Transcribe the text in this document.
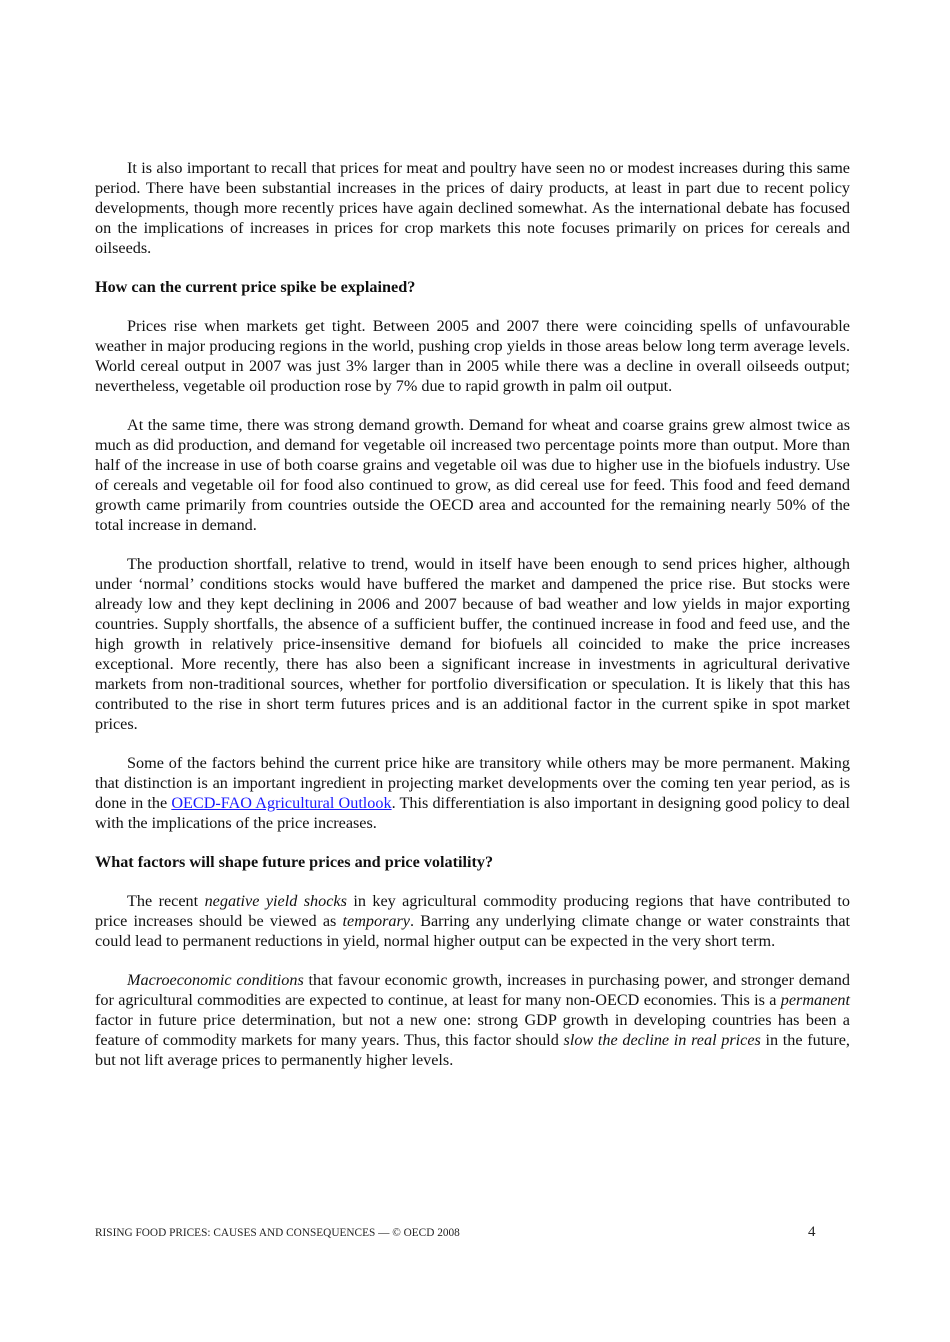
It is also important to recall that prices for meat and poultry have seen no or modest increases during this same period. There have been substantial increases in the prices of dairy products, at least in part due to recent policy developments, though more recently prices have again declined somewhat. As the international debate has focused on the implications of increases in prices for crop markets this note focuses primarily on prices for cereals and oilseeds.

How can the current price spike be explained?

Prices rise when markets get tight. Between 2005 and 2007 there were coinciding spells of unfavourable weather in major producing regions in the world, pushing crop yields in those areas below long term average levels. World cereal output in 2007 was just 3% larger than in 2005 while there was a decline in overall oilseeds output; nevertheless, vegetable oil production rose by 7% due to rapid growth in palm oil output.

At the same time, there was strong demand growth. Demand for wheat and coarse grains grew almost twice as much as did production, and demand for vegetable oil increased two percentage points more than output. More than half of the increase in use of both coarse grains and vegetable oil was due to higher use in the biofuels industry. Use of cereals and vegetable oil for food also continued to grow, as did cereal use for feed. This food and feed demand growth came primarily from countries outside the OECD area and accounted for the remaining nearly 50% of the total increase in demand.

The production shortfall, relative to trend, would in itself have been enough to send prices higher, although under ‘normal’ conditions stocks would have buffered the market and dampened the price rise. But stocks were already low and they kept declining in 2006 and 2007 because of bad weather and low yields in major exporting countries. Supply shortfalls, the absence of a sufficient buffer, the continued increase in food and feed use, and the high growth in relatively price-insensitive demand for biofuels all coincided to make the price increases exceptional. More recently, there has also been a significant increase in investments in agricultural derivative markets from non-traditional sources, whether for portfolio diversification or speculation. It is likely that this has contributed to the rise in short term futures prices and is an additional factor in the current spike in spot market prices.

Some of the factors behind the current price hike are transitory while others may be more permanent. Making that distinction is an important ingredient in projecting market developments over the coming ten year period, as is done in the OECD-FAO Agricultural Outlook. This differentiation is also important in designing good policy to deal with the implications of the price increases.

What factors will shape future prices and price volatility?

The recent negative yield shocks in key agricultural commodity producing regions that have contributed to price increases should be viewed as temporary. Barring any underlying climate change or water constraints that could lead to permanent reductions in yield, normal higher output can be expected in the very short term.

Macroeconomic conditions that favour economic growth, increases in purchasing power, and stronger demand for agricultural commodities are expected to continue, at least for many non-OECD economies. This is a permanent factor in future price determination, but not a new one: strong GDP growth in developing countries has been a feature of commodity markets for many years. Thus, this factor should slow the decline in real prices in the future, but not lift average prices to permanently higher levels.

RISING FOOD PRICES: CAUSES AND CONSEQUENCES — © OECD 2008	4
